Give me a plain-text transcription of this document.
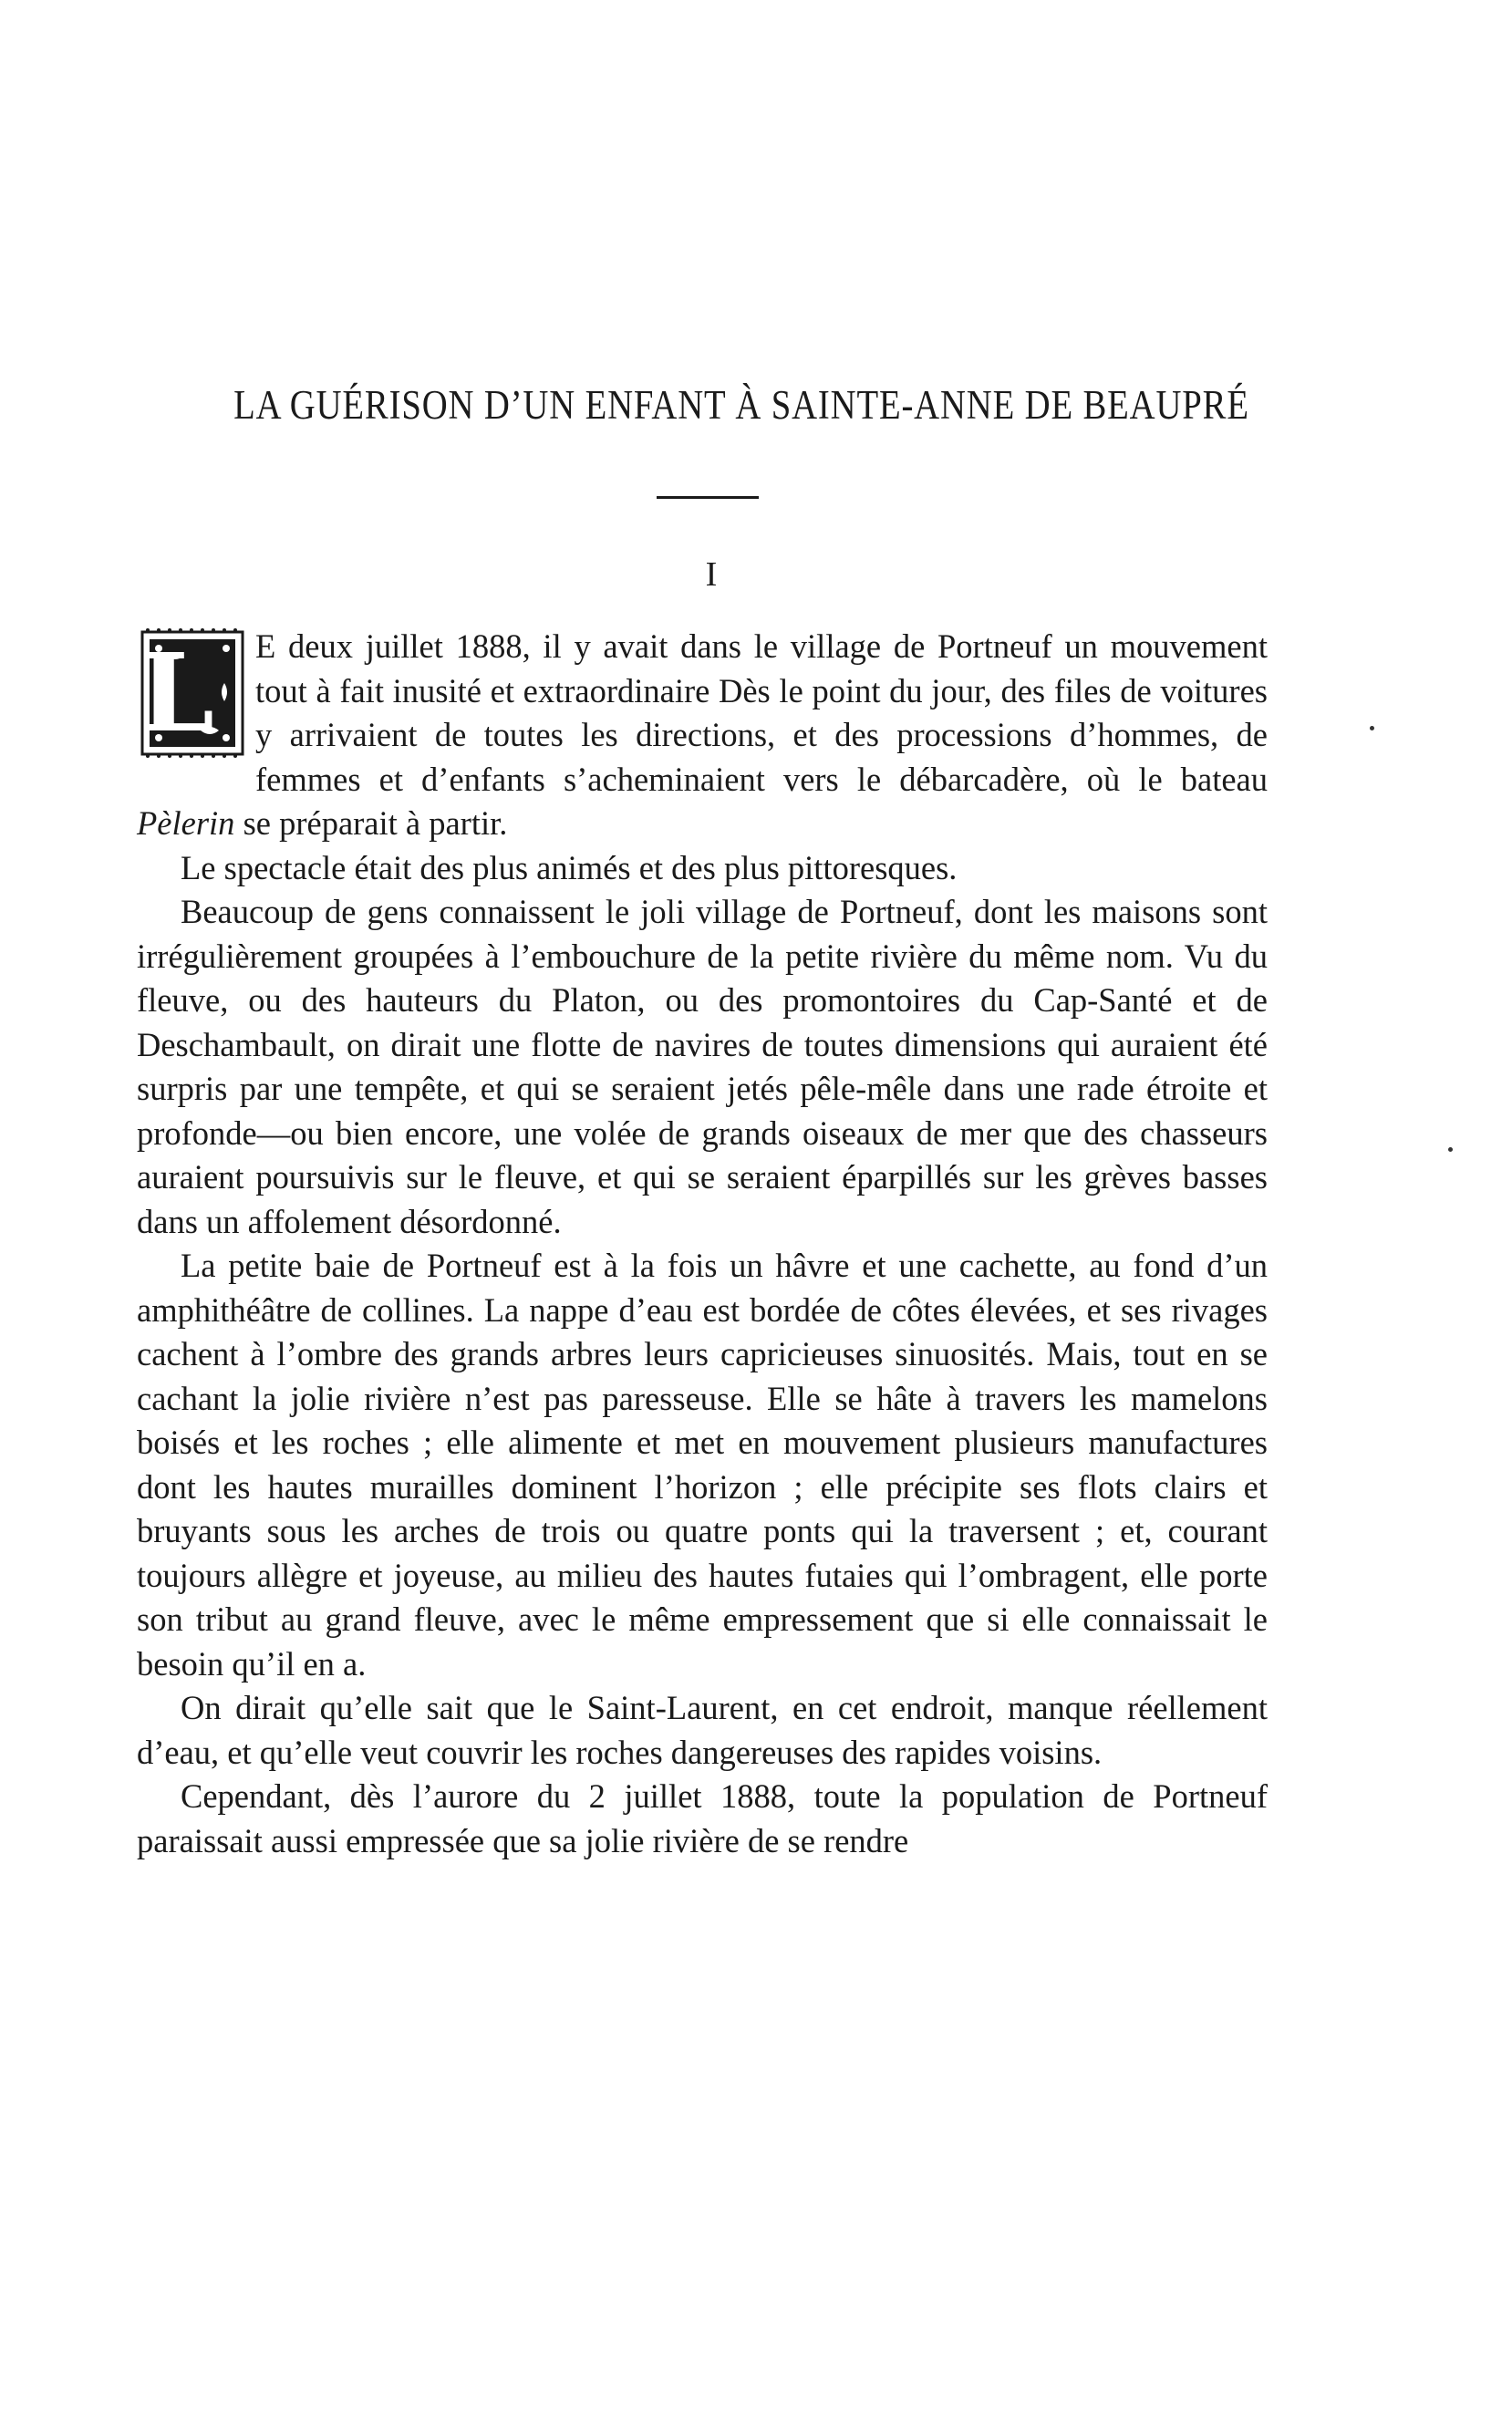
LA GUÉRISON D’UN ENFANT À SAINTE-ANNE DE BEAUPRÉ

I

L	E deux juillet 1888, il y avait dans le village de Portneuf un mouvement tout à fait inusité et extraordinaire Dès le point du jour, des files de voitures y arrivaient de toutes les directions, et des processions d’hommes, de femmes et d’enfants s’acheminaient vers le débarcadère, où le bateau Pèlerin se préparait à partir.

Le spectacle était des plus animés et des plus pittoresques.

Beaucoup de gens connaissent le joli village de Portneuf, dont les maisons sont irrégulièrement groupées à l’embouchure de la petite rivière du même nom. Vu du fleuve, ou des hauteurs du Platon, ou des promontoires du Cap-Santé et de Deschambault, on dirait une flotte de navires de toutes dimensions qui auraient été surpris par une tempête, et qui se seraient jetés pêle-mêle dans une rade étroite et profonde—ou bien encore, une volée de grands oiseaux de mer que des chasseurs auraient poursuivis sur le fleuve, et qui se seraient éparpillés sur les grèves basses dans un affolement désordonné.

La petite baie de Portneuf est à la fois un hâvre et une cachette, au fond d’un amphithéâtre de collines. La nappe d’eau est bordée de côtes élevées, et ses rivages cachent à l’ombre des grands arbres leurs capricieuses sinuosités. Mais, tout en se cachant la jolie rivière n’est pas paresseuse. Elle se hâte à travers les mamelons boisés et les roches ; elle alimente et met en mouvement plusieurs manufactures dont les hautes murailles dominent l’horizon ; elle précipite ses flots clairs et bruyants sous les arches de trois ou quatre ponts qui la traversent ; et, courant toujours allègre et joyeuse, au milieu des hautes futaies qui l’ombragent, elle porte son tribut au grand fleuve, avec le même empressement que si elle connaissait le besoin qu’il en a.

On dirait qu’elle sait que le Saint-Laurent, en cet endroit, manque réellement d’eau, et qu’elle veut couvrir les roches dangereuses des rapides voisins.

Cependant, dès l’aurore du 2 juillet 1888, toute la population de Portneuf paraissait aussi empressée que sa jolie rivière de se rendre
